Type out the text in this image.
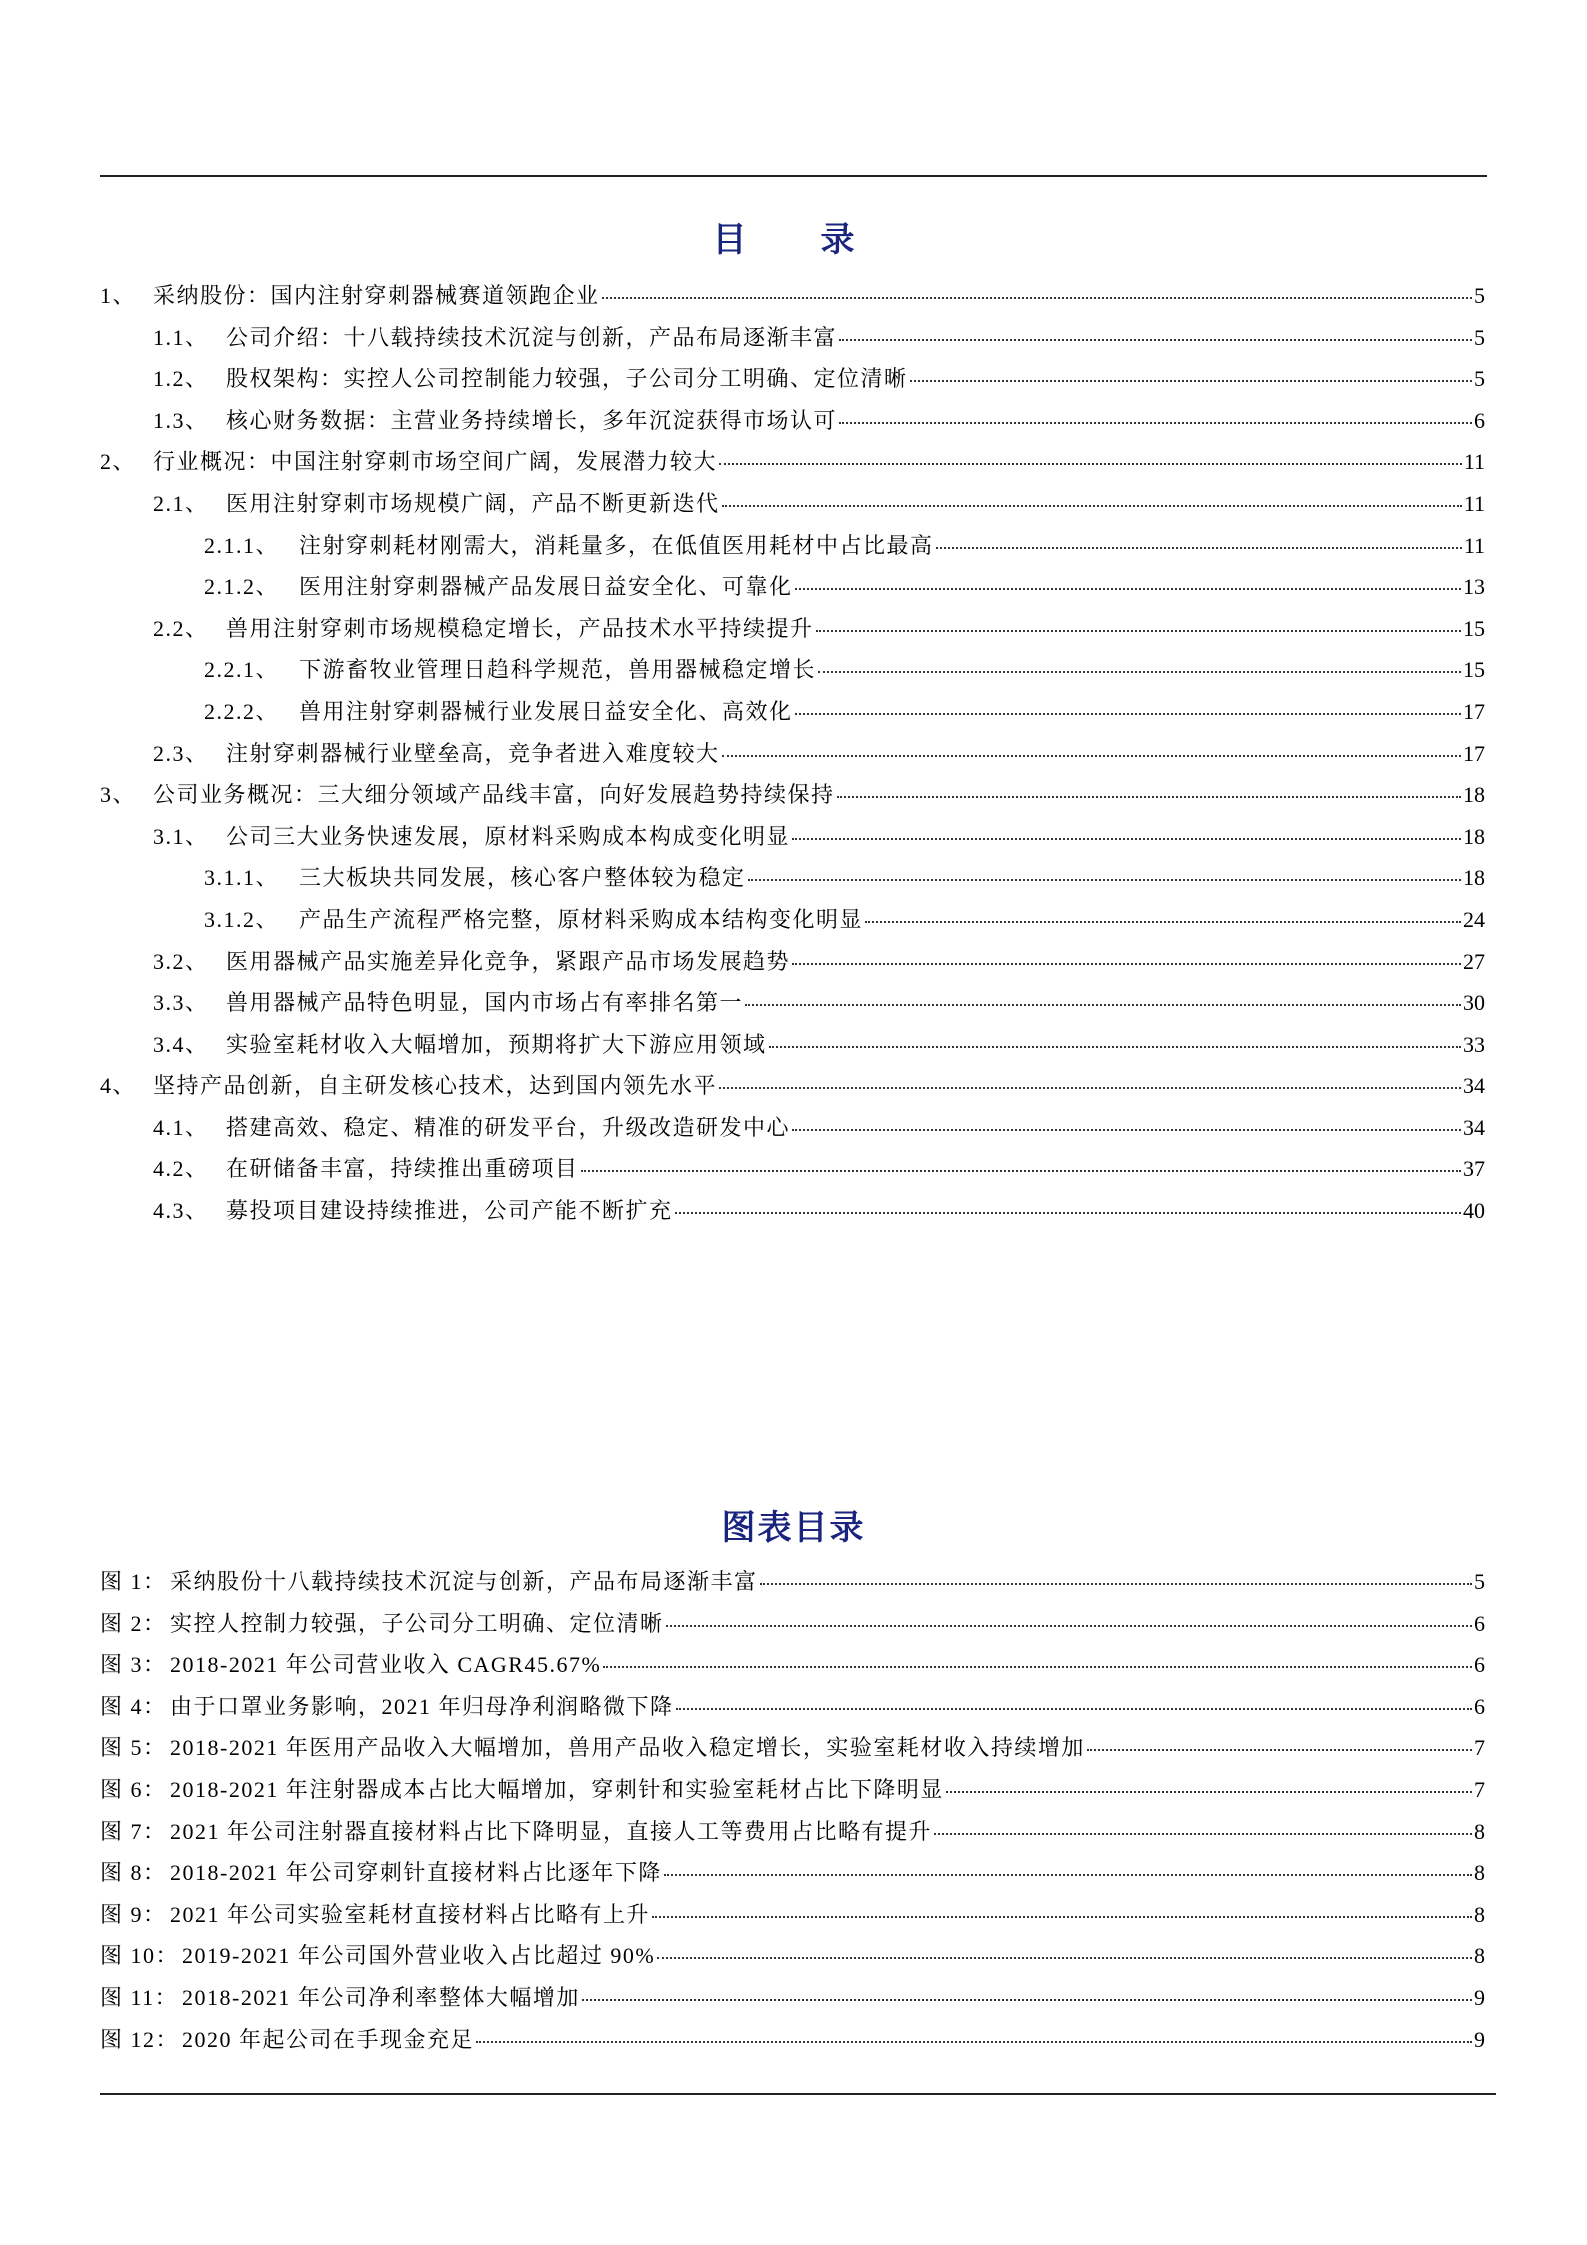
目　录
1、 采纳股份：国内注射穿刺器械赛道领跑企业	5
1.1、 公司介绍：十八载持续技术沉淀与创新，产品布局逐渐丰富	5
1.2、 股权架构：实控人公司控制能力较强，子公司分工明确、定位清晰	5
1.3、 核心财务数据：主营业务持续增长，多年沉淀获得市场认可	6
2、 行业概况：中国注射穿刺市场空间广阔，发展潜力较大	11
2.1、 医用注射穿刺市场规模广阔，产品不断更新迭代	11
2.1.1、 注射穿刺耗材刚需大，消耗量多，在低值医用耗材中占比最高	11
2.1.2、 医用注射穿刺器械产品发展日益安全化、可靠化	13
2.2、 兽用注射穿刺市场规模稳定增长，产品技术水平持续提升	15
2.2.1、 下游畜牧业管理日趋科学规范，兽用器械稳定增长	15
2.2.2、 兽用注射穿刺器械行业发展日益安全化、高效化	17
2.3、 注射穿刺器械行业壁垒高，竞争者进入难度较大	17
3、 公司业务概况：三大细分领域产品线丰富，向好发展趋势持续保持	18
3.1、 公司三大业务快速发展，原材料采购成本构成变化明显	18
3.1.1、 三大板块共同发展，核心客户整体较为稳定	18
3.1.2、 产品生产流程严格完整，原材料采购成本结构变化明显	24
3.2、 医用器械产品实施差异化竞争，紧跟产品市场发展趋势	27
3.3、 兽用器械产品特色明显，国内市场占有率排名第一	30
3.4、 实验室耗材收入大幅增加，预期将扩大下游应用领域	33
4、 坚持产品创新，自主研发核心技术，达到国内领先水平	34
4.1、 搭建高效、稳定、精准的研发平台，升级改造研发中心	34
4.2、 在研储备丰富，持续推出重磅项目	37
4.3、 募投项目建设持续推进，公司产能不断扩充	40
图表目录
图 1： 采纳股份十八载持续技术沉淀与创新，产品布局逐渐丰富	5
图 2： 实控人控制力较强，子公司分工明确、定位清晰	6
图 3： 2018-2021 年公司营业收入 CAGR45.67%	6
图 4： 由于口罩业务影响，2021 年归母净利润略微下降	6
图 5： 2018-2021 年医用产品收入大幅增加，兽用产品收入稳定增长，实验室耗材收入持续增加	7
图 6： 2018-2021 年注射器成本占比大幅增加，穿刺针和实验室耗材占比下降明显	7
图 7： 2021 年公司注射器直接材料占比下降明显，直接人工等费用占比略有提升	8
图 8： 2018-2021 年公司穿刺针直接材料占比逐年下降	8
图 9： 2021 年公司实验室耗材直接材料占比略有上升	8
图 10： 2019-2021 年公司国外营业收入占比超过 90%	8
图 11： 2018-2021 年公司净利率整体大幅增加	9
图 12： 2020 年起公司在手现金充足	9
